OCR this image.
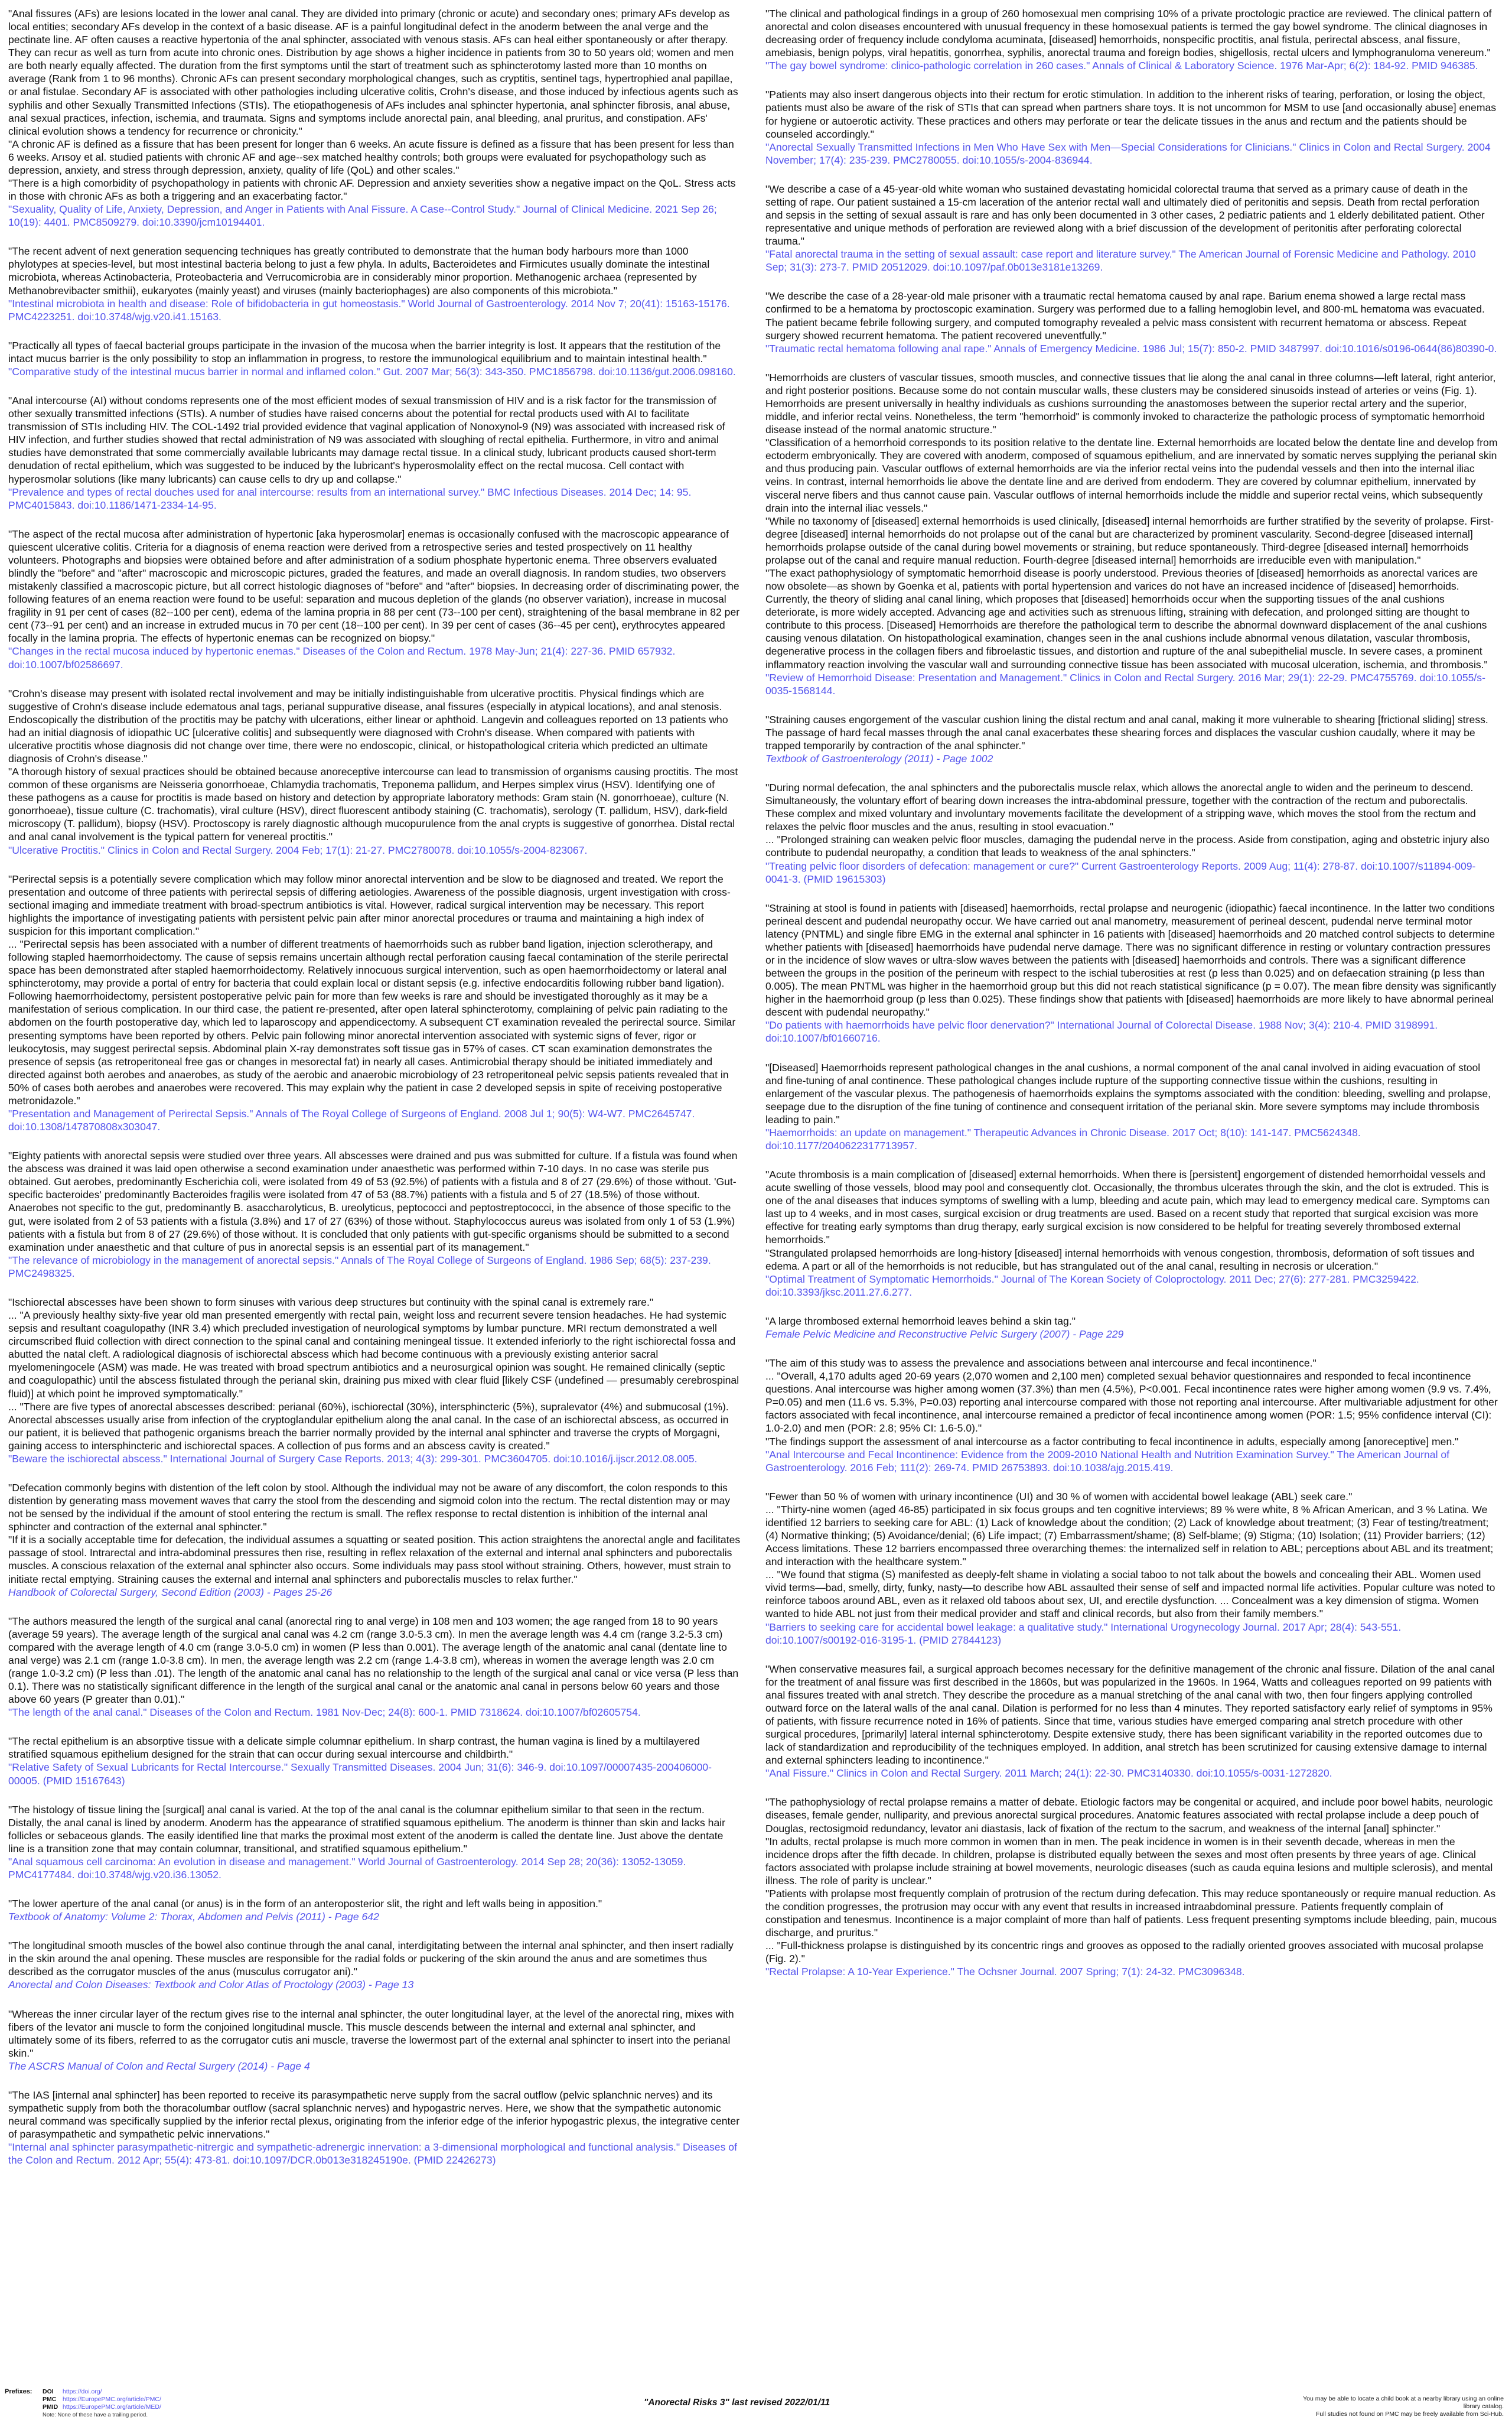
"Anal fissures (AFs) are lesions located in the lower anal canal. They are divided into primary (chronic or acute) and secondary ones; primary AFs develop as local entities; secondary AFs develop in the context of a basic disease. AF is a painful longitudinal defect in the anoderm between the anal verge and the pectinate line. AF often causes a reactive hypertonia of the anal sphincter, associated with venous stasis. AFs can heal either spontaneously or after therapy. They can recur as well as turn from acute into chronic ones. Distribution by age shows a higher incidence in patients from 30 to 50 years old; women and men are both nearly equally affected. The duration from the first symptoms until the start of treatment such as sphincterotomy lasted more than 10 months on average (Rank from 1 to 96 months). Chronic AFs can present secondary morphological changes, such as cryptitis, sentinel tags, hypertrophied anal papillae, or anal fistulae. Secondary AF is associated with other pathologies including ulcerative colitis, Crohn's disease, and those induced by infectious agents such as syphilis and other Sexually Transmitted Infections (STIs). The etiopathogenesis of AFs includes anal sphincter hypertonia, anal sphincter fibrosis, anal abuse, anal sexual practices, infection, ischemia, and traumata. Signs and symptoms include anorectal pain, anal bleeding, anal pruritus, and constipation. AFs' clinical evolution shows a tendency for recurrence or chronicity."

"A chronic AF is defined as a fissure that has been present for longer than 6 weeks. An acute fissure is defined as a fissure that has been present for less than 6 weeks. Arısoy et al. studied patients with chronic AF and age--sex matched healthy controls; both groups were evaluated for psychopathology such as depression, anxiety, and stress through depression, anxiety, quality of life (QoL) and other scales."

"There is a high comorbidity of psychopathology in patients with chronic AF. Depression and anxiety severities show a negative impact on the QoL. Stress acts in those with chronic AFs as both a triggering and an exacerbating factor."

"Sexuality, Quality of Life, Anxiety, Depression, and Anger in Patients with Anal Fissure. A Case--Control Study." Journal of Clinical Medicine. 2021 Sep 26; 10(19): 4401. PMC8509279. doi:10.3390/jcm10194401.

"The recent advent of next generation sequencing techniques has greatly contributed to demonstrate that the human body harbours more than 1000 phylotypes at species-level, but most intestinal bacteria belong to just a few phyla. In adults, Bacteroidetes and Firmicutes usually dominate the intestinal microbiota, whereas Actinobacteria, Proteobacteria and Verrucomicrobia are in considerably minor proportion. Methanogenic archaea (represented by Methanobrevibacter smithii), eukaryotes (mainly yeast) and viruses (mainly bacteriophages) are also components of this microbiota."

"Intestinal microbiota in health and disease: Role of bifidobacteria in gut homeostasis." World Journal of Gastroenterology. 2014 Nov 7; 20(41): 15163-15176. PMC4223251. doi:10.3748/wjg.v20.i41.15163.

"Practically all types of faecal bacterial groups participate in the invasion of the mucosa when the barrier integrity is lost. It appears that the restitution of the intact mucus barrier is the only possibility to stop an inflammation in progress, to restore the immunological equilibrium and to maintain intestinal health."

"Comparative study of the intestinal mucus barrier in normal and inflamed colon." Gut. 2007 Mar; 56(3): 343-350. PMC1856798. doi:10.1136/gut.2006.098160.

"Anal intercourse (AI) without condoms represents one of the most efficient modes of sexual transmission of HIV and is a risk factor for the transmission of other sexually transmitted infections (STIs). A number of studies have raised concerns about the potential for rectal products used with AI to facilitate transmission of STIs including HIV. The COL-1492 trial provided evidence that vaginal application of Nonoxynol-9 (N9) was associated with increased risk of HIV infection, and further studies showed that rectal administration of N9 was associated with sloughing of rectal epithelia. Furthermore, in vitro and animal studies have demonstrated that some commercially available lubricants may damage rectal tissue. In a clinical study, lubricant products caused short-term denudation of rectal epithelium, which was suggested to be induced by the lubricant's hyperosmolality effect on the rectal mucosa. Cell contact with hyperosmolar solutions (like many lubricants) can cause cells to dry up and collapse."

"Prevalence and types of rectal douches used for anal intercourse: results from an international survey." BMC Infectious Diseases. 2014 Dec; 14: 95. PMC4015843. doi:10.1186/1471-2334-14-95.

"The aspect of the rectal mucosa after administration of hypertonic [aka hyperosmolar] enemas is occasionally confused with the macroscopic appearance of quiescent ulcerative colitis. Criteria for a diagnosis of enema reaction were derived from a retrospective series and tested prospectively on 11 healthy volunteers. Photographs and biopsies were obtained before and after administration of a sodium phosphate hypertonic enema. Three observers evaluated blindly the "before" and "after" macroscopic and microscopic pictures, graded the features, and made an overall diagnosis. In random studies, two observers mistakenly classified a macroscopic picture, but all correct histologic diagnoses of "before" and "after" biopsies. In decreasing order of discriminating power, the following features of an enema reaction were found to be useful: separation and mucous depletion of the glands (no observer variation), increase in mucosal fragility in 91 per cent of cases (82--100 per cent), edema of the lamina propria in 88 per cent (73--100 per cent), straightening of the basal membrane in 82 per cent (73--91 per cent) and an increase in extruded mucus in 70 per cent (18--100 per cent). In 39 per cent of cases (36--45 per cent), erythrocytes appeared focally in the lamina propria. The effects of hypertonic enemas can be recognized on biopsy."

"Changes in the rectal mucosa induced by hypertonic enemas." Diseases of the Colon and Rectum. 1978 May-Jun; 21(4): 227-36. PMID 657932. doi:10.1007/bf02586697.

"Crohn's disease may present with isolated rectal involvement and may be initially indistinguishable from ulcerative proctitis. Physical findings which are suggestive of Crohn's disease include edematous anal tags, perianal suppurative disease, anal fissures (especially in atypical locations), and anal stenosis. Endoscopically the distribution of the proctitis may be patchy with ulcerations, either linear or aphthoid. Langevin and colleagues reported on 13 patients who had an initial diagnosis of idiopathic UC [ulcerative colitis] and subsequently were diagnosed with Crohn's disease. When compared with patients with ulcerative proctitis whose diagnosis did not change over time, there were no endoscopic, clinical, or histopathological criteria which predicted an ultimate diagnosis of Crohn's disease."

"A thorough history of sexual practices should be obtained because anoreceptive intercourse can lead to transmission of organisms causing proctitis. The most common of these organisms are Neisseria gonorrhoeae, Chlamydia trachomatis, Treponema pallidum, and Herpes simplex virus (HSV). Identifying one of these pathogens as a cause for proctitis is made based on history and detection by appropriate laboratory methods: Gram stain (N. gonorrhoeae), culture (N. gonorrhoeae), tissue culture (C. trachomatis), viral culture (HSV), direct fluorescent antibody staining (C. trachomatis), serology (T. pallidum, HSV), dark-field microscopy (T. pallidum), biopsy (HSV). Proctoscopy is rarely diagnostic although mucopurulence from the anal crypts is suggestive of gonorrhea. Distal rectal and anal canal involvement is the typical pattern for venereal proctitis."

"Ulcerative Proctitis." Clinics in Colon and Rectal Surgery. 2004 Feb; 17(1): 21-27. PMC2780078. doi:10.1055/s-2004-823067.

"Perirectal sepsis is a potentially severe complication which may follow minor anorectal intervention and be slow to be diagnosed and treated. We report the presentation and outcome of three patients with perirectal sepsis of differing aetiologies. Awareness of the possible diagnosis, urgent investigation with cross-sectional imaging and immediate treatment with broad-spectrum antibiotics is vital. However, radical surgical intervention may be necessary. This report highlights the importance of investigating patients with persistent pelvic pain after minor anorectal procedures or trauma and maintaining a high index of suspicion for this important complication."

... "Perirectal sepsis has been associated with a number of different treatments of haemorrhoids such as rubber band ligation, injection sclerotherapy, and following stapled haemorrhoidectomy. The cause of sepsis remains uncertain although rectal perforation causing faecal contamination of the sterile perirectal space has been demonstrated after stapled haemorrhoidectomy. Relatively innocuous surgical intervention, such as open haemorrhoidectomy or lateral anal sphincterotomy, may provide a portal of entry for bacteria that could explain local or distant sepsis (e.g. infective endocarditis following rubber band ligation). Following haemorrhoidectomy, persistent postoperative pelvic pain for more than few weeks is rare and should be investigated thoroughly as it may be a manifestation of serious complication. In our third case, the patient re-presented, after open lateral sphincterotomy, complaining of pelvic pain radiating to the abdomen on the fourth postoperative day, which led to laparoscopy and appendicectomy. A subsequent CT examination revealed the perirectal source. Similar presenting symptoms have been reported by others. Pelvic pain following minor anorectal intervention associated with systemic signs of fever, rigor or leukocytosis, may suggest perirectal sepsis. Abdominal plain X-ray demonstrates soft tissue gas in 57% of cases. CT scan examination demonstrates the presence of sepsis (as retroperitoneal free gas or changes in mesorectal fat) in nearly all cases. Antimicrobial therapy should be initiated immediately and directed against both aerobes and anaerobes, as study of the aerobic and anaerobic microbiology of 23 retroperitoneal pelvic sepsis patients revealed that in 50% of cases both aerobes and anaerobes were recovered. This may explain why the patient in case 2 developed sepsis in spite of receiving postoperative metronidazole."

"Presentation and Management of Perirectal Sepsis." Annals of The Royal College of Surgeons of England. 2008 Jul 1; 90(5): W4-W7. PMC2645747. doi:10.1308/147870808x303047.

"Eighty patients with anorectal sepsis were studied over three years. All abscesses were drained and pus was submitted for culture. If a fistula was found when the abscess was drained it was laid open otherwise a second examination under anaesthetic was performed within 7-10 days. In no case was sterile pus obtained. Gut aerobes, predominantly Escherichia coli, were isolated from 49 of 53 (92.5%) of patients with a fistula and 8 of 27 (29.6%) of those without. 'Gut-specific bacteroides' predominantly Bacteroides fragilis were isolated from 47 of 53 (88.7%) patients with a fistula and 5 of 27 (18.5%) of those without. Anaerobes not specific to the gut, predominantly B. asaccharolyticus, B. ureolyticus, peptococci and peptostreptococci, in the absence of those specific to the gut, were isolated from 2 of 53 patients with a fistula (3.8%) and 17 of 27 (63%) of those without. Staphylococcus aureus was isolated from only 1 of 53 (1.9%) patients with a fistula but from 8 of 27 (29.6%) of those without. It is concluded that only patients with gut-specific organisms should be submitted to a second examination under anaesthetic and that culture of pus in anorectal sepsis is an essential part of its management."

"The relevance of microbiology in the management of anorectal sepsis." Annals of The Royal College of Surgeons of England. 1986 Sep; 68(5): 237-239. PMC2498325.

"Ischiorectal abscesses have been shown to form sinuses with various deep structures but continuity with the spinal canal is extremely rare."

... "A previously healthy sixty-five year old man presented emergently with rectal pain, weight loss and recurrent severe tension headaches. He had systemic sepsis and resultant coagulopathy (INR 3.4) which precluded investigation of neurological symptoms by lumbar puncture. MRI rectum demonstrated a well circumscribed fluid collection with direct connection to the spinal canal and containing meningeal tissue. It extended inferiorly to the right ischiorectal fossa and abutted the natal cleft. A radiological diagnosis of ischiorectal abscess which had become continuous with a previously existing anterior sacral myelomeningocele (ASM) was made. He was treated with broad spectrum antibiotics and a neurosurgical opinion was sought. He remained clinically (septic and coagulopathic) until the abscess fistulated through the perianal skin, draining pus mixed with clear fluid [likely CSF (undefined — presumably cerebrospinal fluid)] at which point he improved symptomatically."

... "There are five types of anorectal abscesses described: perianal (60%), ischiorectal (30%), intersphincteric (5%), supralevator (4%) and submucosal (1%). Anorectal abscesses usually arise from infection of the cryptoglandular epithelium along the anal canal. In the case of an ischiorectal abscess, as occurred in our patient, it is believed that pathogenic organisms breach the barrier normally provided by the internal anal sphincter and traverse the crypts of Morgagni, gaining access to intersphincteric and ischiorectal spaces. A collection of pus forms and an abscess cavity is created."

"Beware the ischiorectal abscess." International Journal of Surgery Case Reports. 2013; 4(3): 299-301. PMC3604705. doi:10.1016/j.ijscr.2012.08.005.

"Defecation commonly begins with distention of the left colon by stool. Although the individual may not be aware of any discomfort, the colon responds to this distention by generating mass movement waves that carry the stool from the descending and sigmoid colon into the rectum. The rectal distention may or may not be sensed by the individual if the amount of stool entering the rectum is small. The reflex response to rectal distention is inhibition of the internal anal sphincter and contraction of the external anal sphincter."

"If it is a socially acceptable time for defecation, the individual assumes a squatting or seated position. This action straightens the anorectal angle and facilitates passage of stool. Intrarectal and intra-abdominal pressures then rise, resulting in reflex relaxation of the external and internal anal sphincters and puborectalis muscles. A conscious relaxation of the external anal sphincter also occurs. Some individuals may pass stool without straining. Others, however, must strain to initiate rectal emptying. Straining causes the external and internal anal sphincters and puborectalis muscles to relax further."

Handbook of Colorectal Surgery, Second Edition (2003) - Pages 25-26

"The authors measured the length of the surgical anal canal (anorectal ring to anal verge) in 108 men and 103 women; the age ranged from 18 to 90 years (average 59 years). The average length of the surgical anal canal was 4.2 cm (range 3.0-5.3 cm). In men the average length was 4.4 cm (range 3.2-5.3 cm) compared with the average length of 4.0 cm (range 3.0-5.0 cm) in women (P less than 0.001). The average length of the anatomic anal canal (dentate line to anal verge) was 2.1 cm (range 1.0-3.8 cm). In men, the average length was 2.2 cm (range 1.4-3.8 cm), whereas in women the average length was 2.0 cm (range 1.0-3.2 cm) (P less than .01). The length of the anatomic anal canal has no relationship to the length of the surgical anal canal or vice versa (P less than 0.1). There was no statistically significant difference in the length of the surgical anal canal or the anatomic anal canal in persons below 60 years and those above 60 years (P greater than 0.01)."

"The length of the anal canal." Diseases of the Colon and Rectum. 1981 Nov-Dec; 24(8): 600-1. PMID 7318624. doi:10.1007/bf02605754.

"The rectal epithelium is an absorptive tissue with a delicate simple columnar epithelium. In sharp contrast, the human vagina is lined by a multilayered stratified squamous epithelium designed for the strain that can occur during sexual intercourse and childbirth."

"Relative Safety of Sexual Lubricants for Rectal Intercourse." Sexually Transmitted Diseases. 2004 Jun; 31(6): 346-9. doi:10.1097/00007435-200406000-00005. (PMID 15167643)

"The histology of tissue lining the [surgical] anal canal is varied. At the top of the anal canal is the columnar epithelium similar to that seen in the rectum. Distally, the anal canal is lined by anoderm. Anoderm has the appearance of stratified squamous epithelium. The anoderm is thinner than skin and lacks hair follicles or sebaceous glands. The easily identified line that marks the proximal most extent of the anoderm is called the dentate line. Just above the dentate line is a transition zone that may contain columnar, transitional, and stratified squamous epithelium."

"Anal squamous cell carcinoma: An evolution in disease and management." World Journal of Gastroenterology. 2014 Sep 28; 20(36): 13052-13059. PMC4177484. doi:10.3748/wjg.v20.i36.13052.

"The lower aperture of the anal canal (or anus) is in the form of an anteroposterior slit, the right and left walls being in apposition."

Textbook of Anatomy: Volume 2: Thorax, Abdomen and Pelvis (2011) - Page 642

"The longitudinal smooth muscles of the bowel also continue through the anal canal, interdigitating between the internal anal sphincter, and then insert radially in the skin around the anal opening. These muscles are responsible for the radial folds or puckering of the skin around the anus and are sometimes thus described as the corrugator muscles of the anus (musculus corrugator ani)."

Anorectal and Colon Diseases: Textbook and Color Atlas of Proctology (2003) - Page 13

"Whereas the inner circular layer of the rectum gives rise to the internal anal sphincter, the outer longitudinal layer, at the level of the anorectal ring, mixes with fibers of the levator ani muscle to form the conjoined longitudinal muscle. This muscle descends between the internal and external anal sphincter, and ultimately some of its fibers, referred to as the corrugator cutis ani muscle, traverse the lowermost part of the external anal sphincter to insert into the perianal skin."

The ASCRS Manual of Colon and Rectal Surgery (2014) - Page 4

"The IAS [internal anal sphincter] has been reported to receive its parasympathetic nerve supply from the sacral outflow (pelvic splanchnic nerves) and its sympathetic supply from both the thoracolumbar outflow (sacral splanchnic nerves) and hypogastric nerves. Here, we show that the sympathetic autonomic neural command was specifically supplied by the inferior rectal plexus, originating from the inferior edge of the inferior hypogastric plexus, the integrative center of parasympathetic and sympathetic pelvic innervations."

"Internal anal sphincter parasympathetic-nitrergic and sympathetic-adrenergic innervation: a 3-dimensional morphological and functional analysis." Diseases of the Colon and Rectum. 2012 Apr; 55(4): 473-81. doi:10.1097/DCR.0b013e318245190e. (PMID 22426273)

"The clinical and pathological findings in a group of 260 homosexual men comprising 10% of a private proctologic practice are reviewed. The clinical pattern of anorectal and colon diseases encountered with unusual frequency in these homosexual patients is termed the gay bowel syndrome. The clinical diagnoses in decreasing order of frequency include condyloma acuminata, [diseased] hemorrhoids, nonspecific proctitis, anal fistula, perirectal abscess, anal fissure, amebiasis, benign polyps, viral hepatitis, gonorrhea, syphilis, anorectal trauma and foreign bodies, shigellosis, rectal ulcers and lymphogranuloma venereum."

"The gay bowel syndrome: clinico-pathologic correlation in 260 cases." Annals of Clinical & Laboratory Science. 1976 Mar-Apr; 6(2): 184-92. PMID 946385.

"Patients may also insert dangerous objects into their rectum for erotic stimulation. In addition to the inherent risks of tearing, perforation, or losing the object, patients must also be aware of the risk of STIs that can spread when partners share toys. It is not uncommon for MSM to use [and occasionally abuse] enemas for hygiene or autoerotic activity. These practices and others may perforate or tear the delicate tissues in the anus and rectum and the patients should be counseled accordingly."

"Anorectal Sexually Transmitted Infections in Men Who Have Sex with Men—Special Considerations for Clinicians." Clinics in Colon and Rectal Surgery. 2004 November; 17(4): 235-239. PMC2780055. doi:10.1055/s-2004-836944.

"We describe a case of a 45-year-old white woman who sustained devastating homicidal colorectal trauma that served as a primary cause of death in the setting of rape. Our patient sustained a 15-cm laceration of the anterior rectal wall and ultimately died of peritonitis and sepsis. Death from rectal perforation and sepsis in the setting of sexual assault is rare and has only been documented in 3 other cases, 2 pediatric patients and 1 elderly debilitated patient. Other representative and unique methods of perforation are reviewed along with a brief discussion of the development of peritonitis after perforating colorectal trauma."

"Fatal anorectal trauma in the setting of sexual assault: case report and literature survey." The American Journal of Forensic Medicine and Pathology. 2010 Sep; 31(3): 273-7. PMID 20512029. doi:10.1097/paf.0b013e3181e13269.

"We describe the case of a 28-year-old male prisoner with a traumatic rectal hematoma caused by anal rape. Barium enema showed a large rectal mass confirmed to be a hematoma by proctoscopic examination. Surgery was performed due to a falling hemoglobin level, and 800-mL hematoma was evacuated. The patient became febrile following surgery, and computed tomography revealed a pelvic mass consistent with recurrent hematoma or abscess. Repeat surgery showed recurrent hematoma. The patient recovered uneventfully."

"Traumatic rectal hematoma following anal rape." Annals of Emergency Medicine. 1986 Jul; 15(7): 850-2. PMID 3487997. doi:10.1016/s0196-0644(86)80390-0.

"Hemorrhoids are clusters of vascular tissues, smooth muscles, and connective tissues that lie along the anal canal in three columns—left lateral, right anterior, and right posterior positions. Because some do not contain muscular walls, these clusters may be considered sinusoids instead of arteries or veins (Fig. 1). Hemorrhoids are present universally in healthy individuals as cushions surrounding the anastomoses between the superior rectal artery and the superior, middle, and inferior rectal veins. Nonetheless, the term "hemorrhoid" is commonly invoked to characterize the pathologic process of symptomatic hemorrhoid disease instead of the normal anatomic structure."

"Classification of a hemorrhoid corresponds to its position relative to the dentate line. External hemorrhoids are located below the dentate line and develop from ectoderm embryonically. They are covered with anoderm, composed of squamous epithelium, and are innervated by somatic nerves supplying the perianal skin and thus producing pain. Vascular outflows of external hemorrhoids are via the inferior rectal veins into the pudendal vessels and then into the internal iliac veins. In contrast, internal hemorrhoids lie above the dentate line and are derived from endoderm. They are covered by columnar epithelium, innervated by visceral nerve fibers and thus cannot cause pain. Vascular outflows of internal hemorrhoids include the middle and superior rectal veins, which subsequently drain into the internal iliac vessels."

"While no taxonomy of [diseased] external hemorrhoids is used clinically, [diseased] internal hemorrhoids are further stratified by the severity of prolapse. First-degree [diseased] internal hemorrhoids do not prolapse out of the canal but are characterized by prominent vascularity. Second-degree [diseased internal] hemorrhoids prolapse outside of the canal during bowel movements or straining, but reduce spontaneously. Third-degree [diseased internal] hemorrhoids prolapse out of the canal and require manual reduction. Fourth-degree [diseased internal] hemorrhoids are irreducible even with manipulation."

"The exact pathophysiology of symptomatic hemorrhoid disease is poorly understood. Previous theories of [diseased] hemorrhoids as anorectal varices are now obsolete—as shown by Goenka et al, patients with portal hypertension and varices do not have an increased incidence of [diseased] hemorrhoids. Currently, the theory of sliding anal canal lining, which proposes that [diseased] hemorrhoids occur when the supporting tissues of the anal cushions deteriorate, is more widely accepted. Advancing age and activities such as strenuous lifting, straining with defecation, and prolonged sitting are thought to contribute to this process. [Diseased] Hemorrhoids are therefore the pathological term to describe the abnormal downward displacement of the anal cushions causing venous dilatation. On histopathological examination, changes seen in the anal cushions include abnormal venous dilatation, vascular thrombosis, degenerative process in the collagen fibers and fibroelastic tissues, and distortion and rupture of the anal subepithelial muscle. In severe cases, a prominent inflammatory reaction involving the vascular wall and surrounding connective tissue has been associated with mucosal ulceration, ischemia, and thrombosis."

"Review of Hemorrhoid Disease: Presentation and Management." Clinics in Colon and Rectal Surgery. 2016 Mar; 29(1): 22-29. PMC4755769. doi:10.1055/s-0035-1568144.

"Straining causes engorgement of the vascular cushion lining the distal rectum and anal canal, making it more vulnerable to shearing [frictional sliding] stress. The passage of hard fecal masses through the anal canal exacerbates these shearing forces and displaces the vascular cushion caudally, where it may be trapped temporarily by contraction of the anal sphincter."

Textbook of Gastroenterology (2011) - Page 1002

"During normal defecation, the anal sphincters and the puborectalis muscle relax, which allows the anorectal angle to widen and the perineum to descend. Simultaneously, the voluntary effort of bearing down increases the intra-abdominal pressure, together with the contraction of the rectum and puborectalis. These complex and mixed voluntary and involuntary movements facilitate the development of a stripping wave, which moves the stool from the rectum and relaxes the pelvic floor muscles and the anus, resulting in stool evacuation."

... "Prolonged straining can weaken pelvic floor muscles, damaging the pudendal nerve in the process. Aside from constipation, aging and obstetric injury also contribute to pudendal neuropathy, a condition that leads to weakness of the anal sphincters."

"Treating pelvic floor disorders of defecation: management or cure?" Current Gastroenterology Reports. 2009 Aug; 11(4): 278-87. doi:10.1007/s11894-009-0041-3. (PMID 19615303)

"Straining at stool is found in patients with [diseased] haemorrhoids, rectal prolapse and neurogenic (idiopathic) faecal incontinence. In the latter two conditions perineal descent and pudendal neuropathy occur. We have carried out anal manometry, measurement of perineal descent, pudendal nerve terminal motor latency (PNTML) and single fibre EMG in the external anal sphincter in 16 patients with [diseased] haemorrhoids and 20 matched control subjects to determine whether patients with [diseased] haemorrhoids have pudendal nerve damage. There was no significant difference in resting or voluntary contraction pressures or in the incidence of slow waves or ultra-slow waves between the patients with [diseased] haemorrhoids and controls. There was a significant difference between the groups in the position of the perineum with respect to the ischial tuberosities at rest (p less than 0.025) and on defaecation straining (p less than 0.005). The mean PNTML was higher in the haemorrhoid group but this did not reach statistical significance (p = 0.07). The mean fibre density was significantly higher in the haemorrhoid group (p less than 0.025). These findings show that patients with [diseased] haemorrhoids are more likely to have abnormal perineal descent with pudendal neuropathy."

"Do patients with haemorrhoids have pelvic floor denervation?" International Journal of Colorectal Disease. 1988 Nov; 3(4): 210-4. PMID 3198991. doi:10.1007/bf01660716.

"[Diseased] Haemorrhoids represent pathological changes in the anal cushions, a normal component of the anal canal involved in aiding evacuation of stool and fine-tuning of anal continence. These pathological changes include rupture of the supporting connective tissue within the cushions, resulting in enlargement of the vascular plexus. The pathogenesis of haemorrhoids explains the symptoms associated with the condition: bleeding, swelling and prolapse, seepage due to the disruption of the fine tuning of continence and consequent irritation of the perianal skin. More severe symptoms may include thrombosis leading to pain."

"Haemorrhoids: an update on management." Therapeutic Advances in Chronic Disease. 2017 Oct; 8(10): 141-147. PMC5624348. doi:10.1177/2040622317713957.

"Acute thrombosis is a main complication of [diseased] external hemorrhoids. When there is [persistent] engorgement of distended hemorrhoidal vessels and acute swelling of those vessels, blood may pool and consequently clot. Occasionally, the thrombus ulcerates through the skin, and the clot is extruded. This is one of the anal diseases that induces symptoms of swelling with a lump, bleeding and acute pain, which may lead to emergency medical care. Symptoms can last up to 4 weeks, and in most cases, surgical excision or drug treatments are used. Based on a recent study that reported that surgical excision was more effective for treating early symptoms than drug therapy, early surgical excision is now considered to be helpful for treating severely thrombosed external hemorrhoids."

"Strangulated prolapsed hemorrhoids are long-history [diseased] internal hemorrhoids with venous congestion, thrombosis, deformation of soft tissues and edema. A part or all of the hemorrhoids is not reducible, but has strangulated out of the anal canal, resulting in necrosis or ulceration."

"Optimal Treatment of Symptomatic Hemorrhoids." Journal of The Korean Society of Coloproctology. 2011 Dec; 27(6): 277-281. PMC3259422. doi:10.3393/jksc.2011.27.6.277.

"A large thrombosed external hemorrhoid leaves behind a skin tag."

Female Pelvic Medicine and Reconstructive Pelvic Surgery (2007) - Page 229

"The aim of this study was to assess the prevalence and associations between anal intercourse and fecal incontinence."

... "Overall, 4,170 adults aged 20-69 years (2,070 women and 2,100 men) completed sexual behavior questionnaires and responded to fecal incontinence questions. Anal intercourse was higher among women (37.3%) than men (4.5%), P<0.001. Fecal incontinence rates were higher among women (9.9 vs. 7.4%, P=0.05) and men (11.6 vs. 5.3%, P=0.03) reporting anal intercourse compared with those not reporting anal intercourse. After multivariable adjustment for other factors associated with fecal incontinence, anal intercourse remained a predictor of fecal incontinence among women (POR: 1.5; 95% confidence interval (CI): 1.0-2.0) and men (POR: 2.8; 95% CI: 1.6-5.0)."

"The findings support the assessment of anal intercourse as a factor contributing to fecal incontinence in adults, especially among [anoreceptive] men."

"Anal Intercourse and Fecal Incontinence: Evidence from the 2009-2010 National Health and Nutrition Examination Survey." The American Journal of Gastroenterology. 2016 Feb; 111(2): 269-74. PMID 26753893. doi:10.1038/ajg.2015.419.

"Fewer than 50 % of women with urinary incontinence (UI) and 30 % of women with accidental bowel leakage (ABL) seek care."

... "Thirty-nine women (aged 46-85) participated in six focus groups and ten cognitive interviews; 89 % were white, 8 % African American, and 3 % Latina. We identified 12 barriers to seeking care for ABL: (1) Lack of knowledge about the condition; (2) Lack of knowledge about treatment; (3) Fear of testing/treatment; (4) Normative thinking; (5) Avoidance/denial; (6) Life impact; (7) Embarrassment/shame; (8) Self-blame; (9) Stigma; (10) Isolation; (11) Provider barriers; (12) Access limitations. These 12 barriers encompassed three overarching themes: the internalized self in relation to ABL; perceptions about ABL and its treatment; and interaction with the healthcare system."

... "We found that stigma (S) manifested as deeply-felt shame in violating a social taboo to not talk about the bowels and concealing their ABL. Women used vivid terms—bad, smelly, dirty, funky, nasty—to describe how ABL assaulted their sense of self and impacted normal life activities. Popular culture was noted to reinforce taboos around ABL, even as it relaxed old taboos about sex, UI, and erectile dysfunction. ... Concealment was a key dimension of stigma. Women wanted to hide ABL not just from their medical provider and staff and clinical records, but also from their family members."

"Barriers to seeking care for accidental bowel leakage: a qualitative study." International Urogynecology Journal. 2017 Apr; 28(4): 543-551. doi:10.1007/s00192-016-3195-1. (PMID 27844123)

"When conservative measures fail, a surgical approach becomes necessary for the definitive management of the chronic anal fissure. Dilation of the anal canal for the treatment of anal fissure was first described in the 1860s, but was popularized in the 1960s. In 1964, Watts and colleagues reported on 99 patients with anal fissures treated with anal stretch. They describe the procedure as a manual stretching of the anal canal with two, then four fingers applying controlled outward force on the lateral walls of the anal canal. Dilation is performed for no less than 4 minutes. They reported satisfactory early relief of symptoms in 95% of patients, with fissure recurrence noted in 16% of patients. Since that time, various studies have emerged comparing anal stretch procedure with other surgical procedures, [primarily] lateral internal sphincterotomy. Despite extensive study, there has been significant variability in the reported outcomes due to lack of standardization and reproducibility of the techniques employed. In addition, anal stretch has been scrutinized for causing extensive damage to internal and external sphincters leading to incontinence."

"Anal Fissure." Clinics in Colon and Rectal Surgery. 2011 March; 24(1): 22-30. PMC3140330. doi:10.1055/s-0031-1272820.

"The pathophysiology of rectal prolapse remains a matter of debate. Etiologic factors may be congenital or acquired, and include poor bowel habits, neurologic diseases, female gender, nulliparity, and previous anorectal surgical procedures. Anatomic features associated with rectal prolapse include a deep pouch of Douglas, rectosigmoid redundancy, levator ani diastasis, lack of fixation of the rectum to the sacrum, and weakness of the internal [anal] sphincter."

"In adults, rectal prolapse is much more common in women than in men. The peak incidence in women is in their seventh decade, whereas in men the incidence drops after the fifth decade. In children, prolapse is distributed equally between the sexes and most often presents by three years of age. Clinical factors associated with prolapse include straining at bowel movements, neurologic diseases (such as cauda equina lesions and multiple sclerosis), and mental illness. The role of parity is unclear."

"Patients with prolapse most frequently complain of protrusion of the rectum during defecation. This may reduce spontaneously or require manual reduction. As the condition progresses, the protrusion may occur with any event that results in increased intraabdominal pressure. Patients frequently complain of constipation and tenesmus. Incontinence is a major complaint of more than half of patients. Less frequent presenting symptoms include bleeding, pain, mucous discharge, and pruritus."

... "Full-thickness prolapse is distinguished by its concentric rings and grooves as opposed to the radially oriented grooves associated with mucosal prolapse (Fig. 2)."

"Rectal Prolapse: A 10-Year Experience." The Ochsner Journal. 2007 Spring; 7(1): 24-32. PMC3096348.

Prefixes: DOI https://doi.org/
PMC https://EuropePMC.org/article/PMC/
PMID https://EuropePMC.org/article/MED/
Note: None of these have a trailing period.
"Anorectal Risks 3" last revised 2022/01/11	You may be able to locate a child book at a nearby library using an online library catalog.
Full studies not found on PMC may be freely available from Sci-Hub.
